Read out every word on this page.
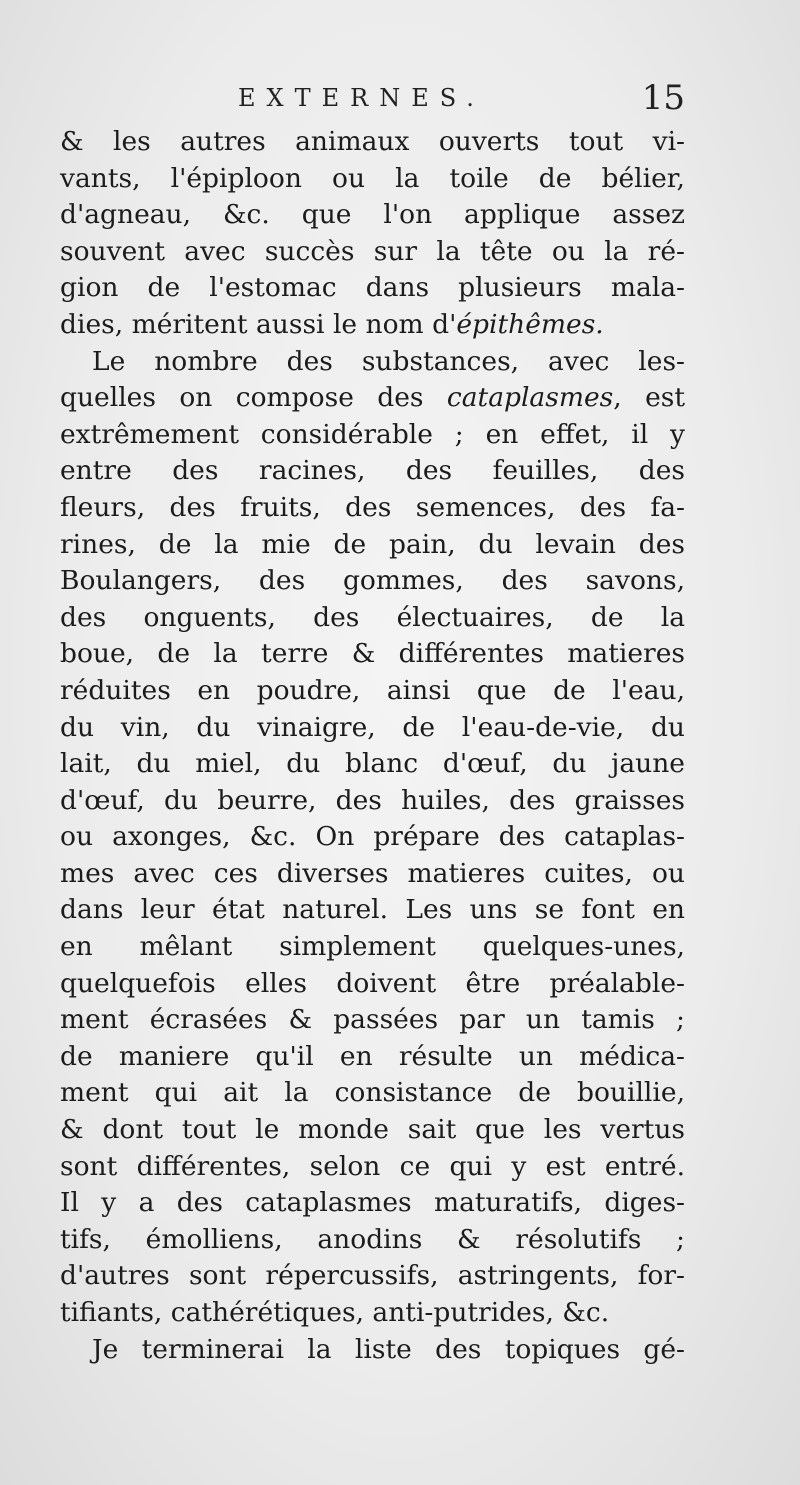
EXTERNES.	15
& les autres animaux ouverts tout vi-
vants, l'épiploon ou la toile de bélier,
d'agneau, &c. que l'on applique assez
souvent avec succès sur la tête ou la ré-
gion de l'estomac dans plusieurs mala-
dies, méritent aussi le nom d'épithêmes.
Le nombre des substances, avec les-
quelles on compose des cataplasmes, est
extrêmement considérable ; en effet, il y
entre des racines, des feuilles, des
fleurs, des fruits, des semences, des fa-
rines, de la mie de pain, du levain des
Boulangers, des gommes, des savons,
des onguents, des électuaires, de la
boue, de la terre & différentes matieres
réduites en poudre, ainsi que de l'eau,
du vin, du vinaigre, de l'eau-de-vie, du
lait, du miel, du blanc d'œuf, du jaune
d'œuf, du beurre, des huiles, des graisses
ou axonges, &c. On prépare des cataplas-
mes avec ces diverses matieres cuites, ou
dans leur état naturel. Les uns se font en
en mêlant simplement quelques-unes,
quelquefois elles doivent être préalable-
ment écrasées & passées par un tamis ;
de maniere qu'il en résulte un médica-
ment qui ait la consistance de bouillie,
& dont tout le monde sait que les vertus
sont différentes, selon ce qui y est entré.
Il y a des cataplasmes maturatifs, diges-
tifs, émolliens, anodins & résolutifs ;
d'autres sont répercussifs, astringents, for-
tifiants, cathérétiques, anti-putrides, &c.
Je terminerai la liste des topiques gé-
